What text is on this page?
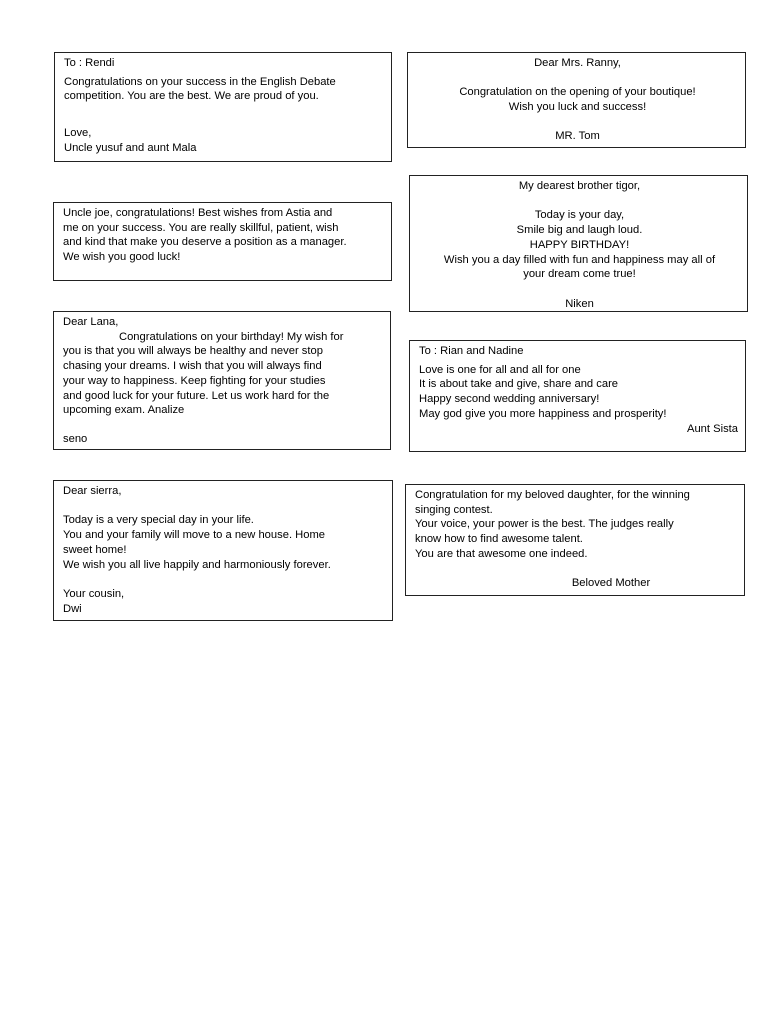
To : Rendi
Congratulations on your success in the English Debate
competition. You are the best. We are proud of you.
Love,
Uncle yusuf and aunt Mala
Dear Mrs. Ranny,
Congratulation on the opening of your boutique!
Wish you luck and success!
MR. Tom
My dearest brother tigor,
Today is your day,
Smile big and laugh loud.
HAPPY BIRTHDAY!
Wish you a day filled with fun and happiness may all of
your dream come true!
Niken
Uncle joe, congratulations! Best wishes from Astia and
me on your success. You are really skillful, patient, wish
and kind that make you deserve a position as a manager.
We wish you good luck!
Dear Lana,
Congratulations on your birthday! My wish for
you is that you will always be healthy and never stop
chasing your dreams. I wish that you will always find
your way to happiness. Keep fighting for your studies
and good luck for your future. Let us work hard for the
upcoming exam. Analize
seno
To : Rian and Nadine
Love is one for all and all for one
It is about take and give, share and care
Happy second wedding anniversary!
May god give you more happiness and prosperity!
Aunt Sista
Dear sierra,
Today is a very special day in your life.
You and your family will move to a new house. Home
sweet home!
We wish you all live happily and harmoniously forever.
Your cousin,
Dwi
Congratulation for my beloved daughter, for the winning
singing contest.
Your voice, your power is the best. The judges really
know how to find awesome talent.
You are that awesome one indeed.
Beloved Mother
